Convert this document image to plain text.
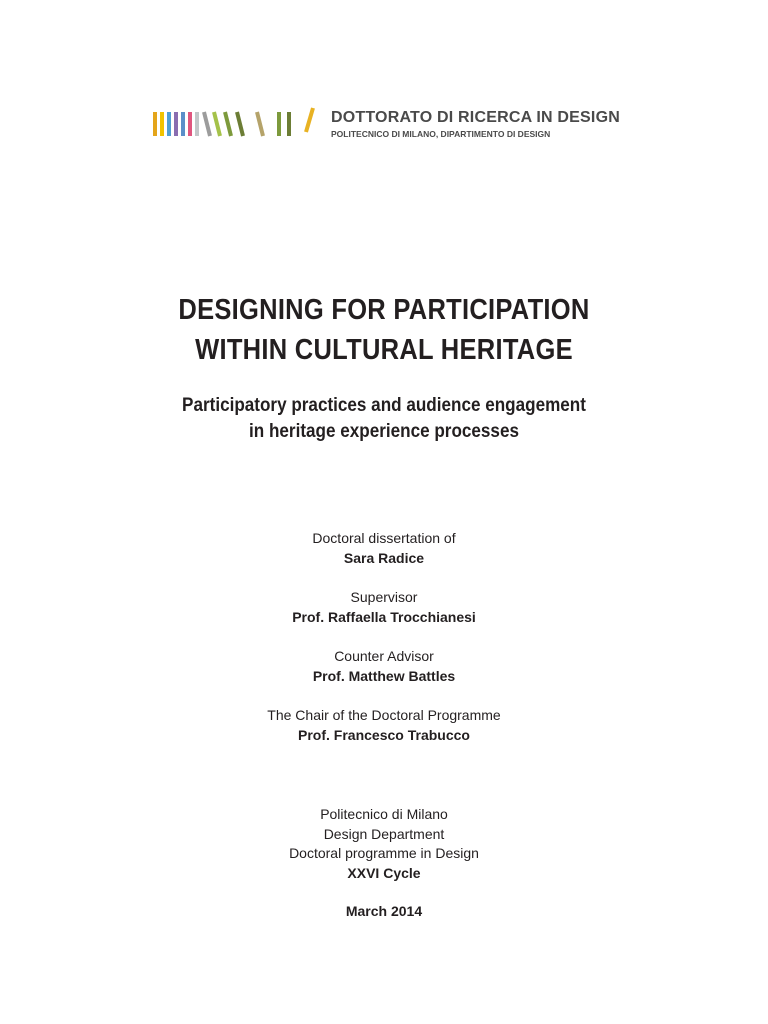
DOTTORATO DI RICERCA IN DESIGN
POLITECNICO DI MILANO, DIPARTIMENTO DI DESIGN
DESIGNING FOR PARTICIPATION
WITHIN CULTURAL HERITAGE
Participatory practices and audience engagement
in heritage experience processes
Doctoral dissertation of
Sara Radice
Supervisor
Prof. Raffaella Trocchianesi
Counter Advisor
Prof. Matthew Battles
The Chair of the Doctoral Programme
Prof. Francesco Trabucco
Politecnico di Milano
Design Department
Doctoral programme in Design
XXVI Cycle
March 2014
